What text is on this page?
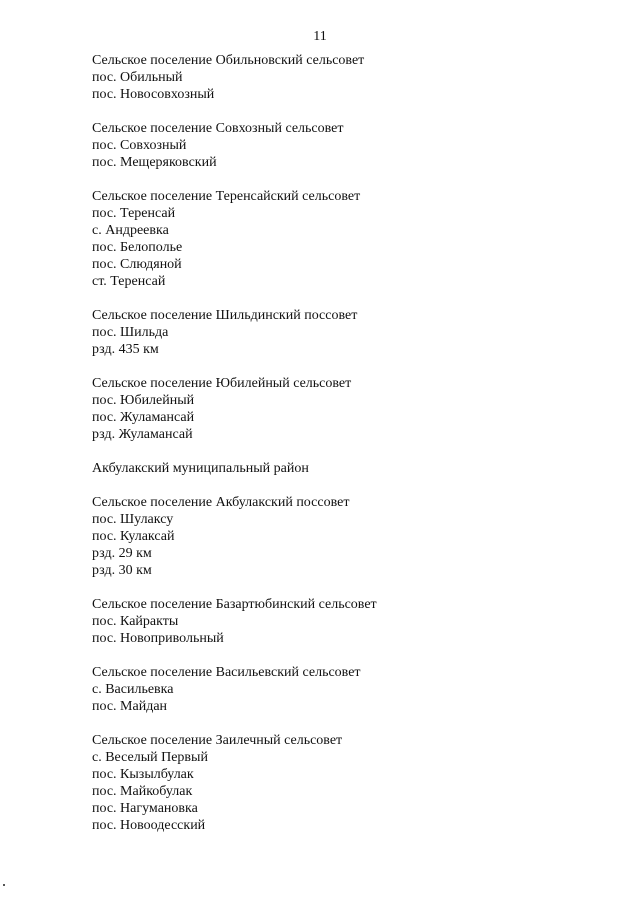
11
Сельское поселение Обильновский сельсовет
пос. Обильный
пос. Новосовхозный
Сельское поселение Совхозный сельсовет
пос. Совхозный
пос. Мещеряковский
Сельское поселение Теренсайский сельсовет
пос. Теренсай
с. Андреевка
пос. Белополье
пос. Слюдяной
ст. Теренсай
Сельское поселение Шильдинский поссовет
пос. Шильда
рзд. 435 км
Сельское поселение Юбилейный сельсовет
пос. Юбилейный
пос. Жуламансай
рзд. Жуламансай
Акбулакский муниципальный район
Сельское поселение Акбулакский поссовет
пос. Шулаксу
пос. Кулаксай
рзд. 29 км
рзд. 30 км
Сельское поселение Базартюбинский сельсовет
пос. Кайракты
пос. Новопривольный
Сельское поселение Васильевский сельсовет
с. Васильевка
пос. Майдан
Сельское поселение Заилечный сельсовет
с. Веселый Первый
пос. Кызылбулак
пос. Майкобулак
пос. Нагумановка
пос. Новоодесский
